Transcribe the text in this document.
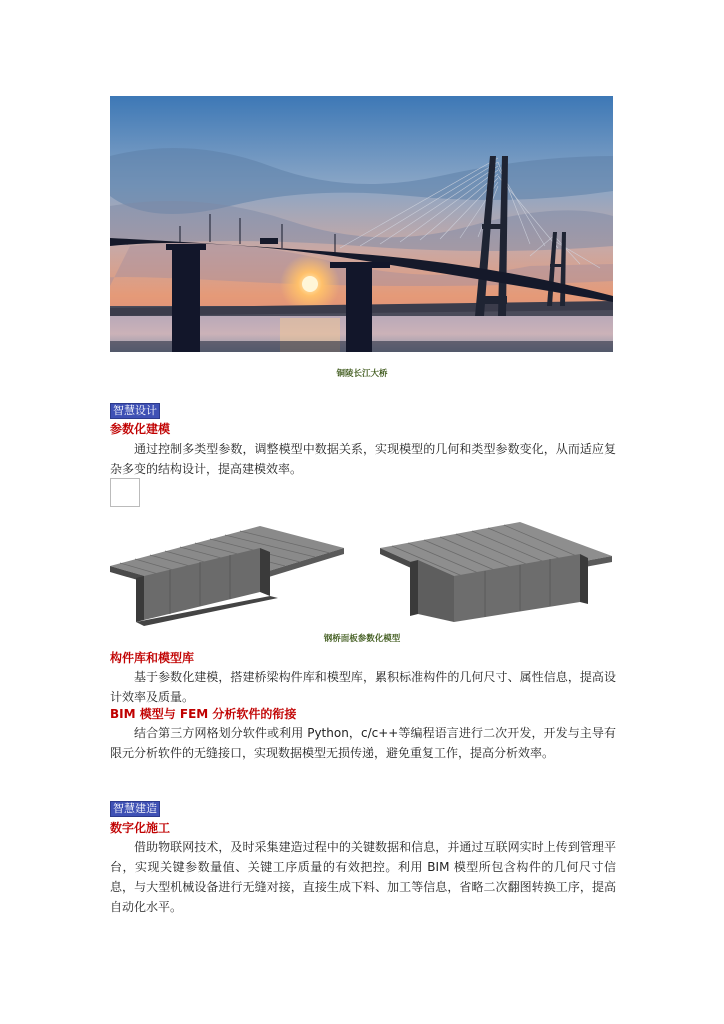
铜陵长江大桥
智慧设计
参数化建模
通过控制多类型参数，调整模型中数据关系，实现模型的几何和类型参数变化，从而适应复杂多变的结构设计，提高建模效率。
钢桥面板参数化模型
构件库和模型库
基于参数化建模，搭建桥梁构件库和模型库，累积标准构件的几何尺寸、属性信息，提高设计效率及质量。
BIM 模型与 FEM 分析软件的衔接
结合第三方网格划分软件或利用 Python，c/c++等编程语言进行二次开发，开发与主导有限元分析软件的无缝接口，实现数据模型无损传递，避免重复工作，提高分析效率。
智慧建造
数字化施工
借助物联网技术，及时采集建造过程中的关键数据和信息，并通过互联网实时上传到管理平台，实现关键参数量值、关键工序质量的有效把控。利用 BIM 模型所包含构件的几何尺寸信息，与大型机械设备进行无缝对接，直接生成下料、加工等信息，省略二次翻图转换工序，提高自动化水平。
